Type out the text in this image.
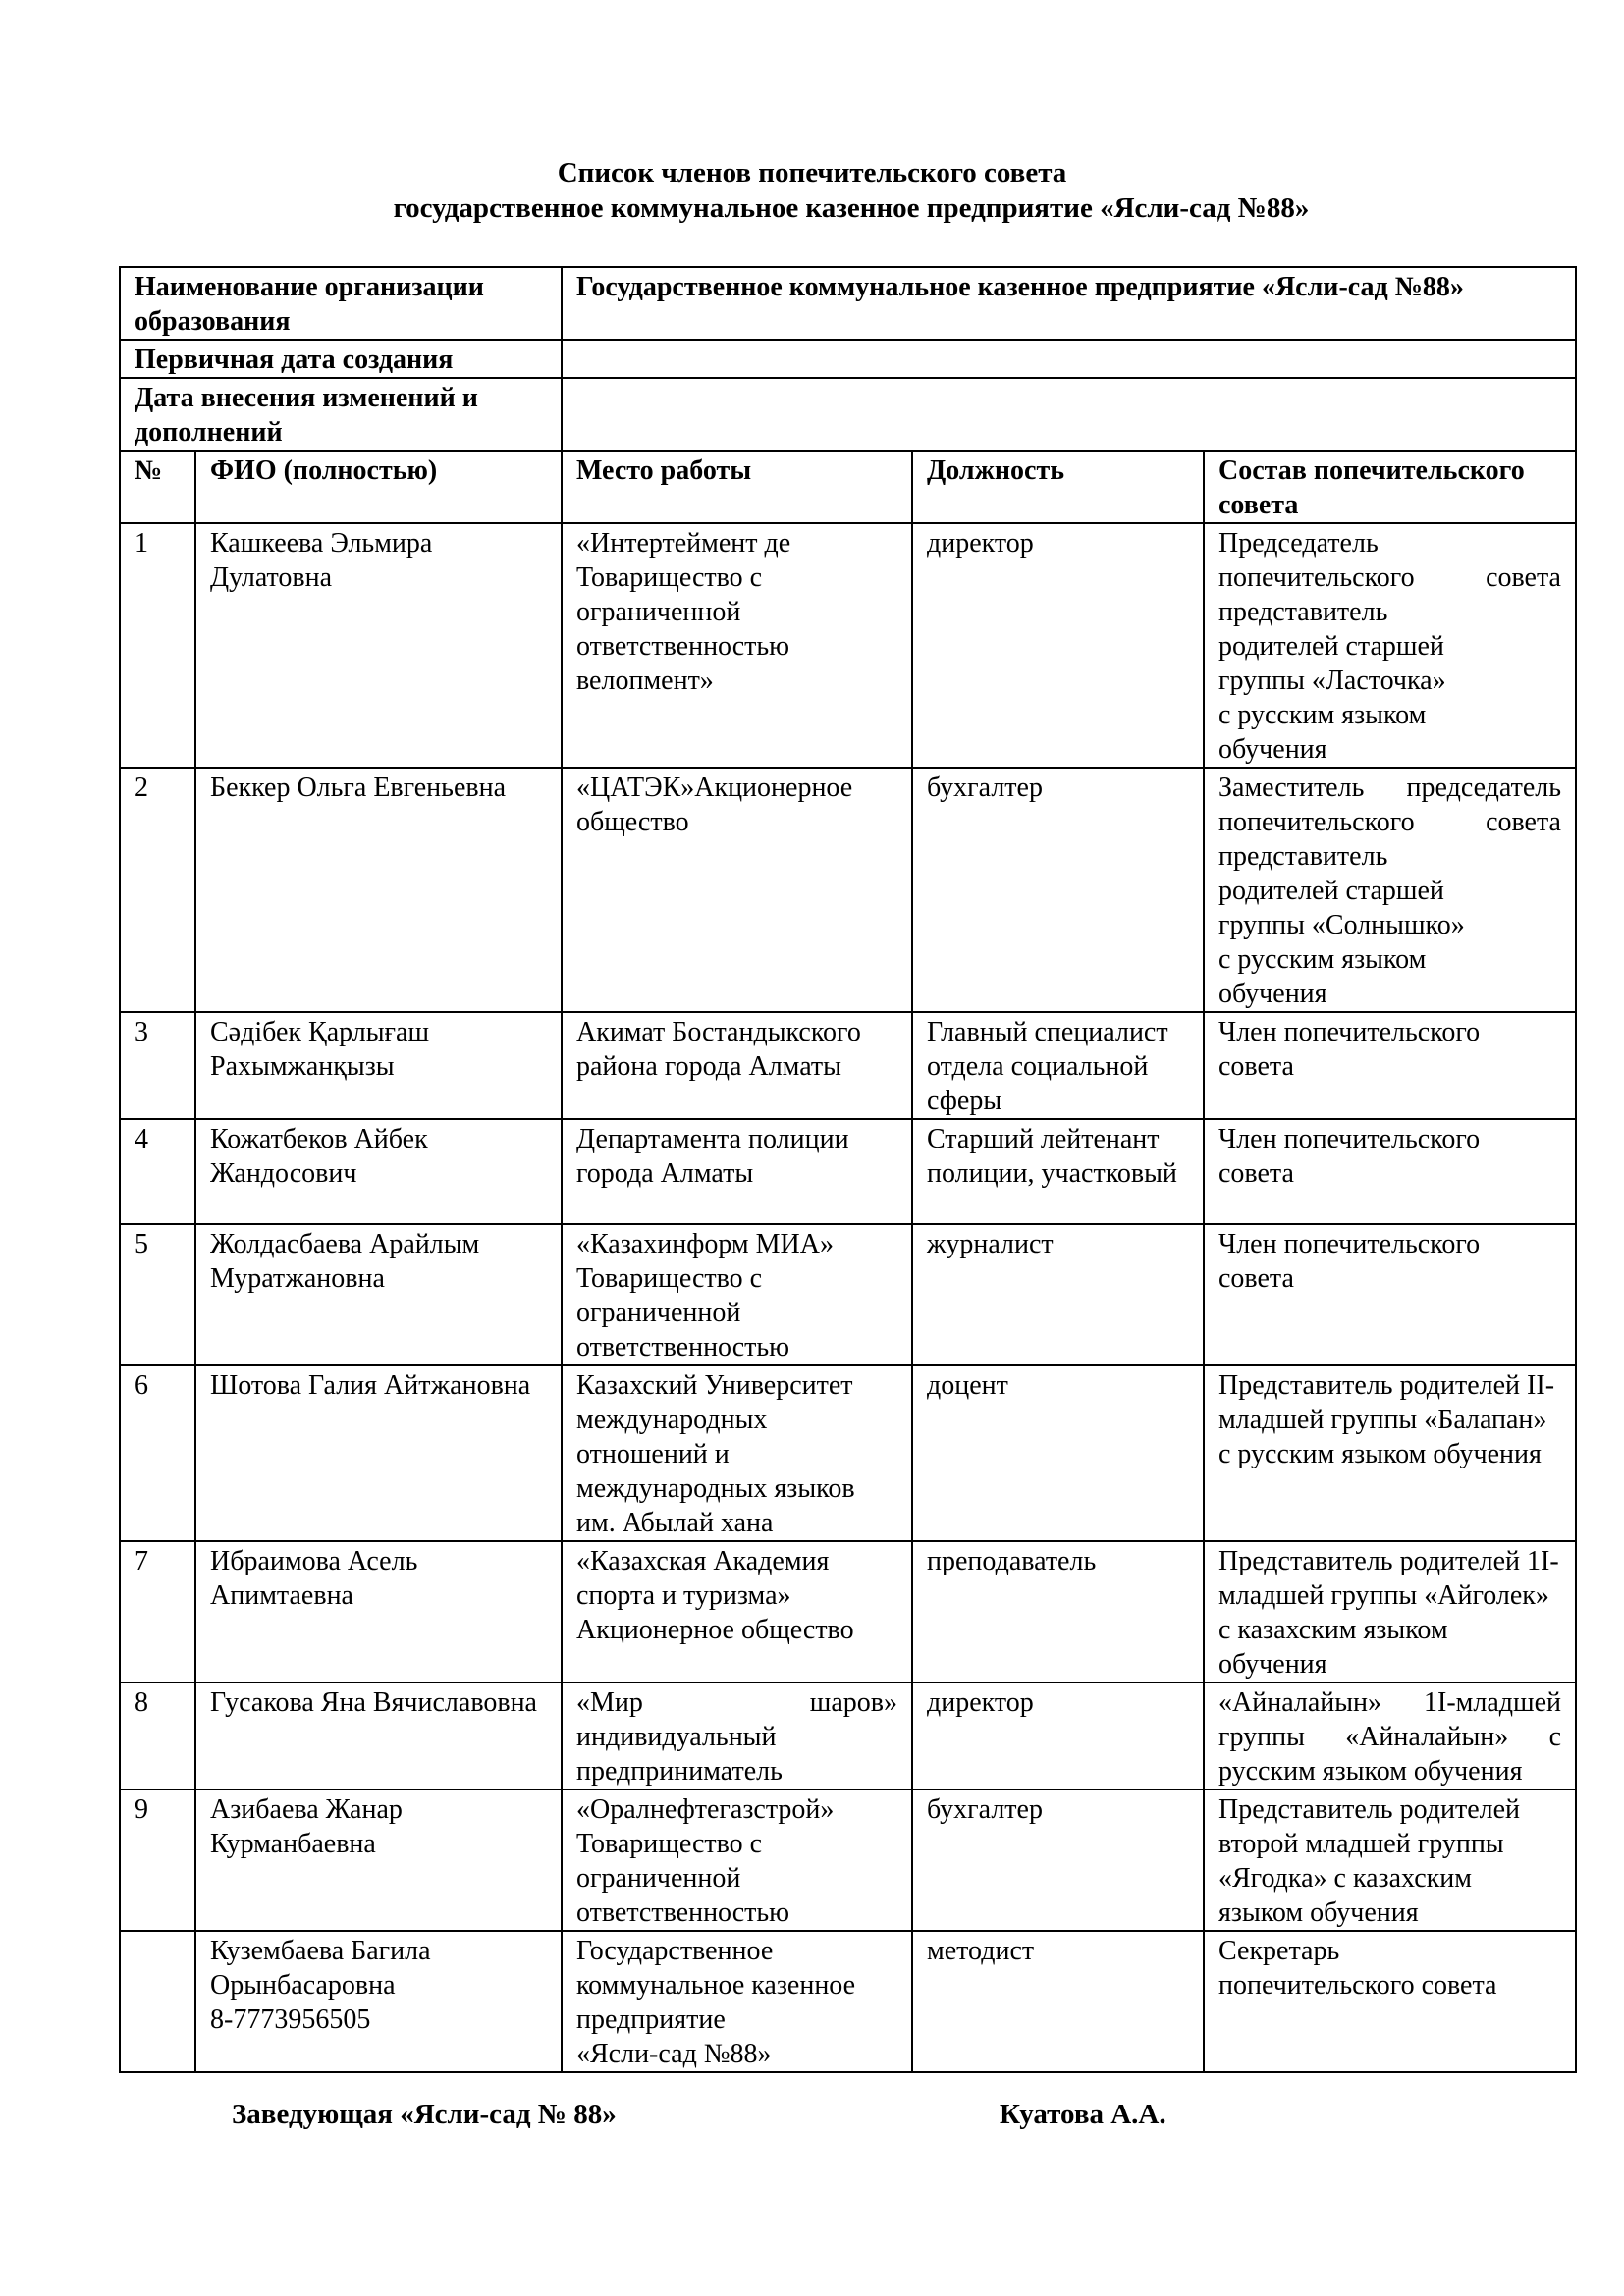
Список членов попечительского совета
государственное коммунальное казенное предприятие «Ясли-сад №88»
Наименование организации образования		Государственное коммунальное казенное предприятие «Ясли-сад №88»		
Первичная дата создания				
Дата внесения изменений и дополнений				
№	ФИО (полностью)	Место работы	Должность	Состав попечительского совета
1	Кашкеева Эльмира Дулатовна	«Интертеймент де
Товарищество с
ограниченной
ответственностью
велопмент»	директор	Председатель попечительского совета представитель
родителей старшей
группы «Ласточка»
с русским языком
обучения
2	Беккер Ольга Евгеньевна	«ЦАТЭК»Акционерное общество	бухгалтер	Заместитель председатель попечительского совета представитель
родителей старшей
группы «Солнышко»
с русским языком
обучения
3	Сәдібек Қарлығаш Рахымжанқызы	Акимат Бостандыкского района города Алматы	Главный специалист отдела социальной сферы	Член попечительского совета
4	Кожатбеков Айбек Жандосович	Департамента полиции города Алматы	Старший лейтенант полиции, участковый	Член попечительского совета
5	Жолдасбаева Арайлым Муратжановна	«Казахинформ МИА»
Товарищество с
ограниченной
ответственностью	журналист	Член попечительского совета
6	Шотова Галия Айтжановна	Казахский Университет международных отношений и международных языков им. Абылай хана	доцент	Представитель родителей II-младшей группы «Балапан» с русским языком обучения
7	Ибраимова Асель Апимтаевна	«Казахская Академия спорта и туризма» Акционерное общество	преподаватель	Представитель родителей 1I-младшей группы «Айголек» с казахским языком обучения
8	Гусакова Яна Вячиславовна	«Мир шаров» индивидуальный предприниматель	директор	«Айналайын» 1I-младшей группы «Айналайын» с русским языком обучения
9	Азибаева Жанар Курманбаевна	«Оралнефтегазстрой»
Товарищество с
ограниченной
ответственностью	бухгалтер	Представитель родителей второй младшей группы «Ягодка» с казахским языком обучения
	Кузембаева Багила
Орынбасаровна
8-7773956505	Государственное
коммунальное казенное
предприятие
«Ясли-сад №88»	методист	Секретарь
попечительского совета
Заведующая «Ясли-сад № 88»	Куатова А.А.
